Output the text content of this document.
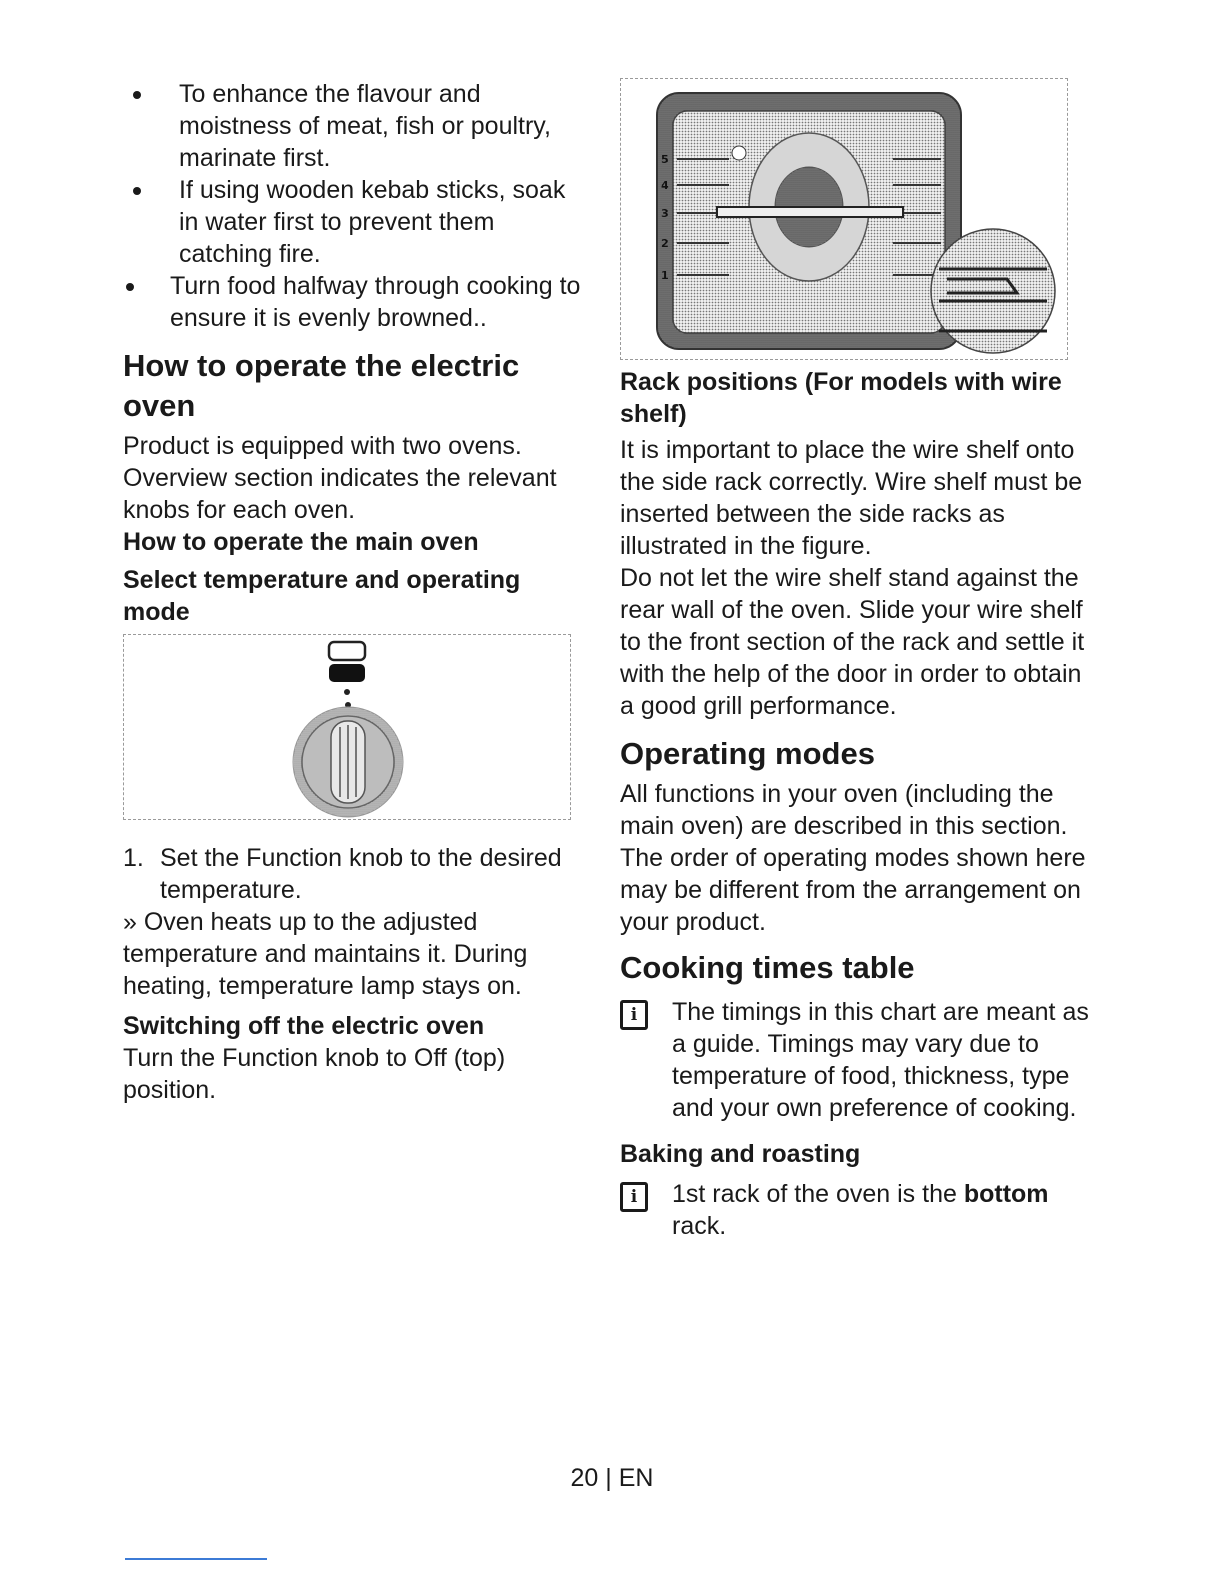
To enhance the flavour and moistness of meat, fish or poultry, marinate first.
If using wooden kebab sticks, soak in water first to prevent them catching fire.
Turn food halfway through cooking to ensure it is evenly browned..
How to operate the electric oven

Product is equipped with two ovens. Overview section indicates the relevant knobs for each oven.

How to operate the main oven
Select temperature and operating mode
1. Set the Function knob to the desired temperature.

» Oven heats up to the adjusted temperature and maintains it. During heating, temperature lamp stays on.

Switching off the electric oven

Turn the Function knob to Off (top) position.

5
4
3
2
1
Rack positions (For models with wire shelf)

It is important to place the wire shelf onto the side rack correctly. Wire shelf must be inserted between the side racks as illustrated in the figure.

Do not let the wire shelf stand against the rear wall of the oven. Slide your wire shelf to the front section of the rack and settle it with the help of the door in order to obtain a good grill performance.

Operating modes

All functions in your oven (including the main oven) are described in this section.

The order of operating modes shown here may be different from the arrangement on your product.

Cooking times table
i	The timings in this chart are meant as a guide. Timings may vary due to temperature of food, thickness, type and your own preference of cooking.

Baking and roasting
i	1st rack of the oven is the bottom rack.

20 | EN
